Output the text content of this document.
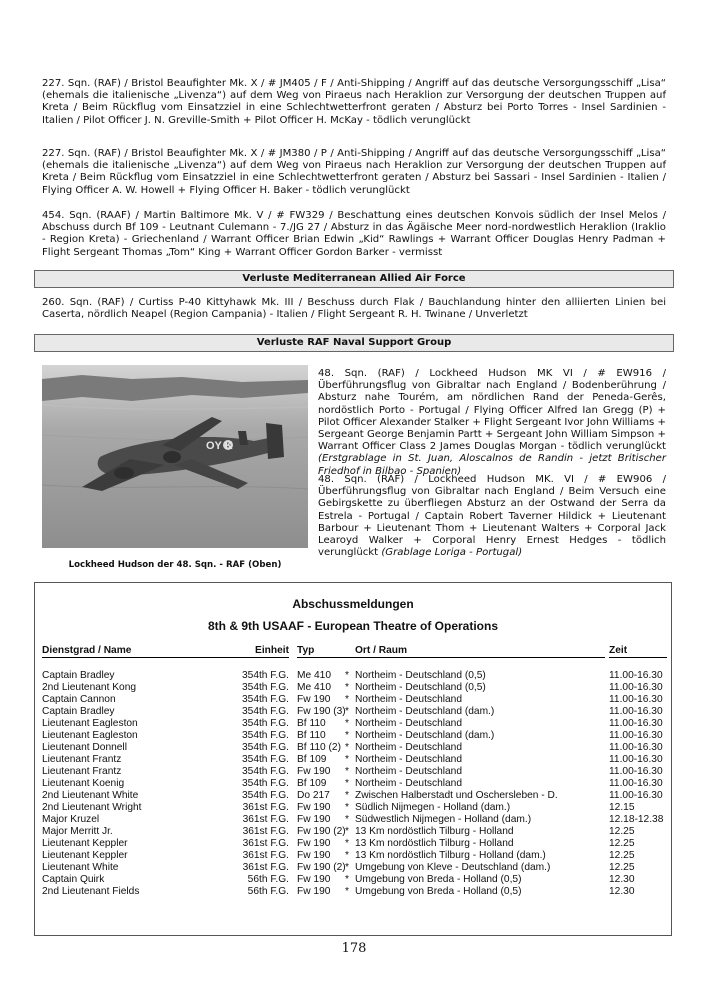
227. Sqn. (RAF) / Bristol Beaufighter Mk. X / # JM405 / F / Anti-Shipping / Angriff auf das deutsche Versorgungsschiff „Lisa“ (ehemals die italienische „Livenza“) auf dem Weg von Piraeus nach Heraklion zur Versorgung der deutschen Truppen auf Kreta / Beim Rückflug vom Einsatzziel in eine Schlechtwetterfront geraten / Absturz bei Porto Torres - Insel Sardinien - Italien / Pilot Officer J. N. Greville-Smith + Pilot Officer H. McKay - tödlich verunglückt

227. Sqn. (RAF) / Bristol Beaufighter Mk. X / # JM380 / P / Anti-Shipping / Angriff auf das deutsche Versorgungsschiff „Lisa“ (ehemals die italienische „Livenza“) auf dem Weg von Piraeus nach Heraklion zur Versorgung der deutschen Truppen auf Kreta / Beim Rückflug vom Einsatzziel in eine Schlechtwetterfront geraten / Absturz bei Sassari - Insel Sardinien - Italien / Flying Officer A. W. Howell + Flying Officer H. Baker - tödlich verunglückt

454. Sqn. (RAAF) / Martin Baltimore Mk. V / # FW329 / Beschattung eines deutschen Konvois südlich der Insel Melos / Abschuss durch Bf 109 - Leutnant Culemann - 7./JG 27 / Absturz in das Ägäische Meer nord-nordwestlich Heraklion (Iraklio - Region Kreta) - Griechenland / Warrant Officer Brian Edwin „Kid“ Rawlings + Warrant Officer Douglas Henry Padman + Flight Sergeant Thomas „Tom“ King + Warrant Officer Gordon Barker - vermisst

Verluste Mediterranean Allied Air Force

260. Sqn. (RAF) / Curtiss P-40 Kittyhawk Mk. III / Beschuss durch Flak / Bauchlandung hinter den alliierten Linien bei Caserta, nördlich Neapel (Region Campania) - Italien / Flight Sergeant R. H. Twinane / Unverletzt

Verluste RAF Naval Support Group
OY K
Lockheed Hudson der 48. Sqn. - RAF (Oben)

48. Sqn. (RAF) / Lockheed Hudson MK VI / # EW916 / Überführungsflug von Gibraltar nach England / Bodenberührung / Absturz nahe Tourém, am nördlichen Rand der Peneda-Gerês, nordöstlich Porto - Portugal / Flying Officer Alfred Ian Gregg (P) + Pilot Officer Alexander Stalker + Flight Sergeant Ivor John Williams + Sergeant George Benjamin Partt + Sergeant John William Simpson + Warrant Officer Class 2 James Douglas Morgan - tödlich verunglückt (Erstgrablage in St. Juan, Aloscalnos de Randin - jetzt Britischer Friedhof in Bilbao - Spanien)

48. Sqn. (RAF) / Lockheed Hudson MK. VI / # EW906 / Überführungsflug von Gibraltar nach England / Beim Versuch eine Gebirgskette zu überfliegen Absturz an der Ostwand der Serra da Estrela - Portugal / Captain Robert Taverner Hildick + Lieutenant Barbour + Lieutenant Thom + Lieutenant Walters + Corporal Jack Learoyd Walker + Corporal Henry Ernest Hedges - tödlich verunglückt (Grablage Loriga - Portugal)

Abschussmeldungen
8th & 9th USAAF - European Theatre of Operations
Dienstgrad / Name	Einheit Typ	Ort / Raum	Zeit
Captain Bradley	354th F.G. Me 410 * Northeim - Deutschland (0,5)	11.00-16.30
2nd Lieutenant Kong	354th F.G. Me 410 * Northeim - Deutschland (0,5)	11.00-16.30
Captain Cannon	354th F.G. Fw 190 * Northeim - Deutschland	11.00-16.30
Captain Bradley	354th F.G. Fw 190 (3) * Northeim - Deutschland (dam.)	11.00-16.30
Lieutenant Eagleston	354th F.G. Bf 110 * Northeim - Deutschland	11.00-16.30
Lieutenant Eagleston	354th F.G. Bf 110 * Northeim - Deutschland (dam.)	11.00-16.30
Lieutenant Donnell	354th F.G. Bf 110 (2) * Northeim - Deutschland	11.00-16.30
Lieutenant Frantz	354th F.G. Bf 109 * Northeim - Deutschland	11.00-16.30
Lieutenant Frantz	354th F.G. Fw 190 * Northeim - Deutschland	11.00-16.30
Lieutenant Koenig	354th F.G. Bf 109 * Northeim - Deutschland	11.00-16.30
2nd Lieutenant White	354th F.G. Do 217 * Zwischen Halberstadt und Oschersleben - D.	11.00-16.30
2nd Lieutenant Wright	361st F.G. Fw 190 * Südlich Nijmegen - Holland (dam.)	12.15
Major Kruzel	361st F.G. Fw 190 * Südwestlich Nijmegen - Holland (dam.)	12.18-12.38
Major Merritt Jr.	361st F.G. Fw 190 (2) * 13 Km nordöstlich Tilburg - Holland	12.25
Lieutenant Keppler	361st F.G. Fw 190 * 13 Km nordöstlich Tilburg - Holland	12.25
Lieutenant Keppler	361st F.G. Fw 190 * 13 Km nordöstlich Tilburg - Holland (dam.)	12.25
Lieutenant White	361st F.G. Fw 190 (2) * Umgebung von Kleve - Deutschland (dam.)	12.25
Captain Quirk	56th F.G. Fw 190 * Umgebung von Breda - Holland (0,5)	12.30
2nd Lieutenant Fields	56th F.G. Fw 190 * Umgebung von Breda - Holland (0,5)	12.30
178
